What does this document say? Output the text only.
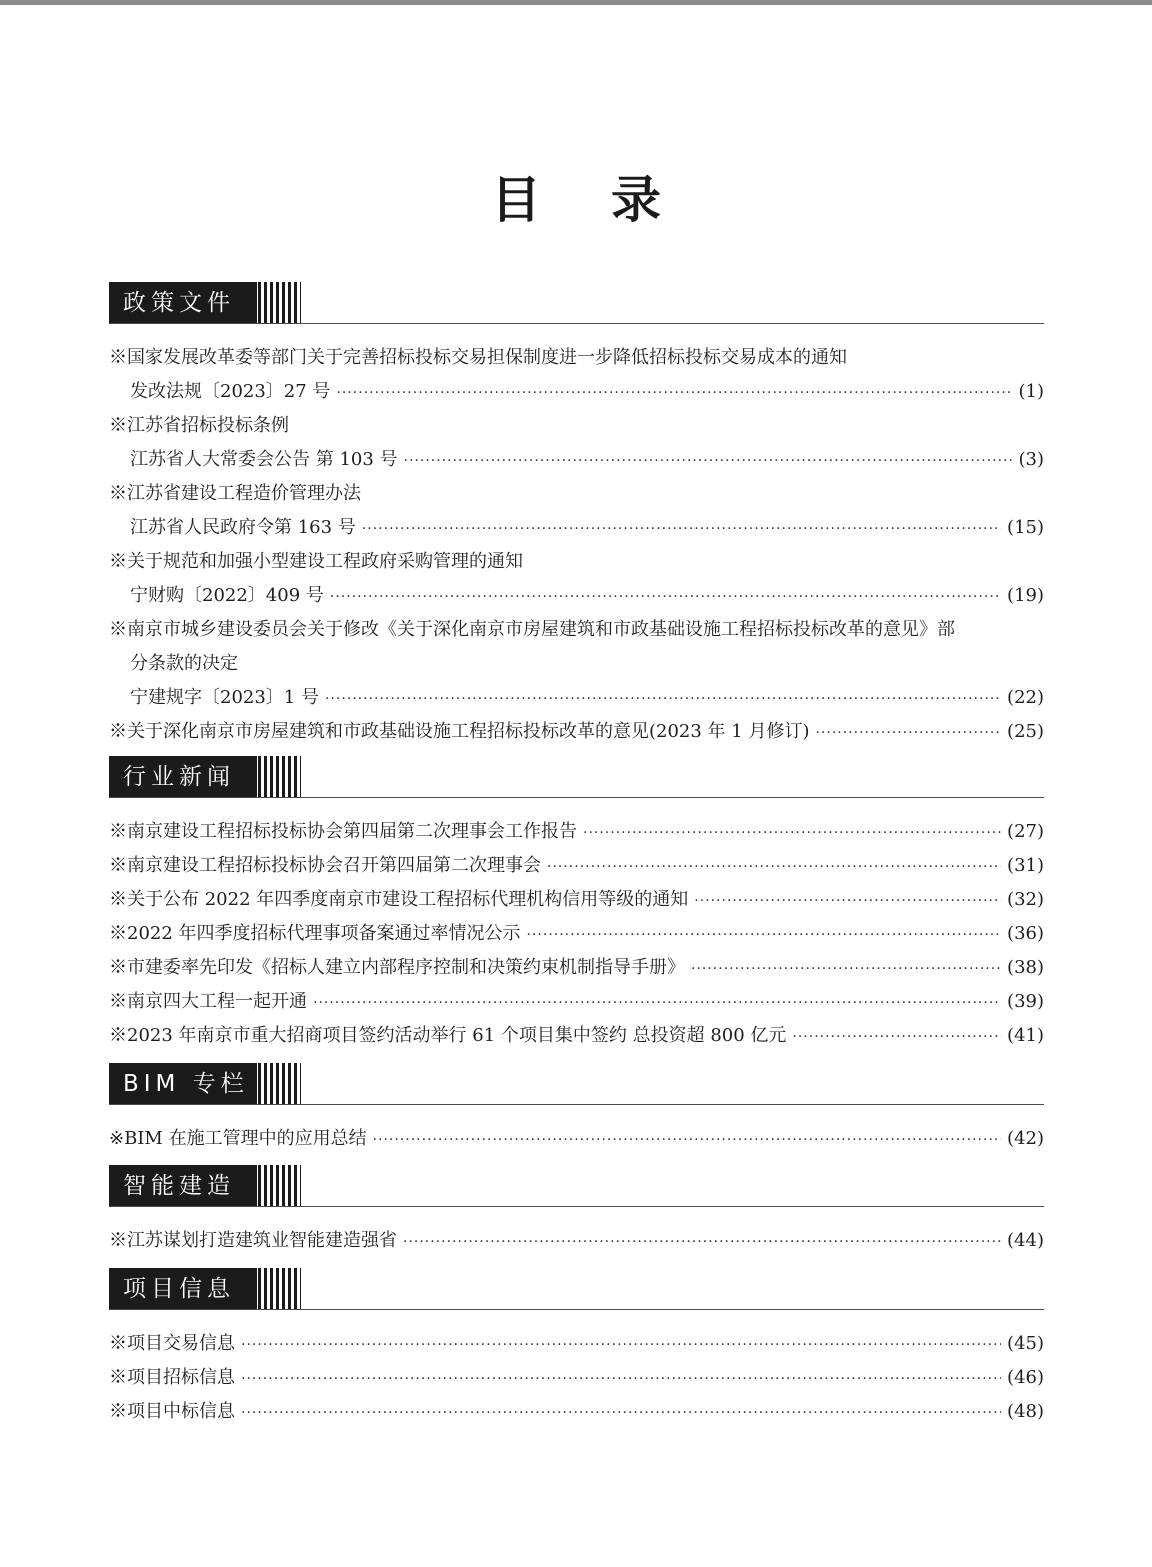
目录
政策文件
※国家发展改革委等部门关于完善招标投标交易担保制度进一步降低招标投标交易成本的通知
发改法规〔2023〕27 号 ·····	(1)
※江苏省招标投标条例
江苏省人大常委会公告 第 103 号 ·····	(3)
※江苏省建设工程造价管理办法
江苏省人民政府令第 163 号 ·····	(15)
※关于规范和加强小型建设工程政府采购管理的通知
宁财购〔2022〕409 号 ·····	(19)
※南京市城乡建设委员会关于修改《关于深化南京市房屋建筑和市政基础设施工程招标投标改革的意见》部
分条款的决定
宁建规字〔2023〕1 号 ·····	(22)
※关于深化南京市房屋建筑和市政基础设施工程招标投标改革的意见(2023 年 1 月修订) ·····	(25)
行业新闻
※南京建设工程招标投标协会第四届第二次理事会工作报告 ·····	(27)
※南京建设工程招标投标协会召开第四届第二次理事会 ·····	(31)
※关于公布 2022 年四季度南京市建设工程招标代理机构信用等级的通知 ·····	(32)
※2022 年四季度招标代理事项备案通过率情况公示 ·····	(36)
※市建委率先印发《招标人建立内部程序控制和决策约束机制指导手册》 ·····	(38)
※南京四大工程一起开通 ·····	(39)
※2023 年南京市重大招商项目签约活动举行 61 个项目集中签约 总投资超 800 亿元 ·····	(41)
BIM 专栏
※BIM 在施工管理中的应用总结 ·····	(42)
智能建造
※江苏谋划打造建筑业智能建造强省 ·····	(44)
项目信息
※项目交易信息 ·····	(45)
※项目招标信息 ·····	(46)
※项目中标信息 ·····	(48)
